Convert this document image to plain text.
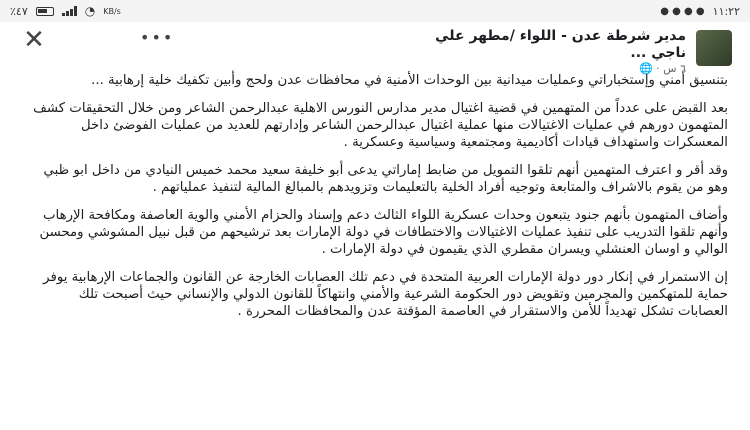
٪٤٧	◔ KB/s	● ● ● ● ١١:٢٢
✕	•••	مدير شرطة عدن - اللواء /مطهر علي ناجي ...
٦ س · 🌐

بتنسيق أمني وإستخباراتي وعمليات ميدانية بين الوحدات الأمنية في محافظات عدن ولحج وأبين تكفيك خلية إرهابية ...

بعد القبض على عدداً من المتهمين في قضية اغتيال مدير مدارس النورس الاهلية عبدالرحمن الشاعر ومن خلال التحقيقات كشف المتهمون دورهم في عمليات الاغتيالات منها عملية اغتيال عبدالرحمن الشاعر وإدارتهم للعديد من عمليات الفوضئ داخل المعسكرات واستهداف قيادات أكاديمية ومجتمعية وسياسية وعسكرية .

وقد أقر و اعترف المتهمين أنهم تلقوا التمويل من ضابط إماراتي يدعى أبو خليفة سعيد محمد خميس النيادي من داخل ابو ظبي وهو من يقوم بالاشراف والمتابعة وتوجيه أفراد الخلية بالتعليمات وتزويدهم بالمبالغ المالية لتنفيذ عملياتهم .

وأضاف المتهمون بأنهم جنود يتبعون وحدات عسكرية اللواء الثالث دعم وإسناد والحزام الأمني والوية العاصفة ومكافحة الإرهاب وأنهم تلقوا التدريب على تنفيذ عمليات الاغتيالات والاختطافات في دولة الإمارات بعد ترشيحهم من قبل نبيل المشوشي ومحسن الوالي و اوسان العنشلي ويسران مقطري الذي يقيمون في دولة الإمارات .

إن الاستمرار في إنكار دور دولة الإمارات العربية المتحدة في دعم تلك العصابات الخارجة عن القانون والجماعات الإرهابية يوفر حماية للمتهكمين والمجرمين وتقويض دور الحكومة الشرعية والأمني وانتهاكاً للقانون الدولي والإنساني حيث أصبحت تلك العصابات تشكل تهديداً للأمن والاستقرار في العاصمة المؤقتة عدن والمحافظات المحررة .
